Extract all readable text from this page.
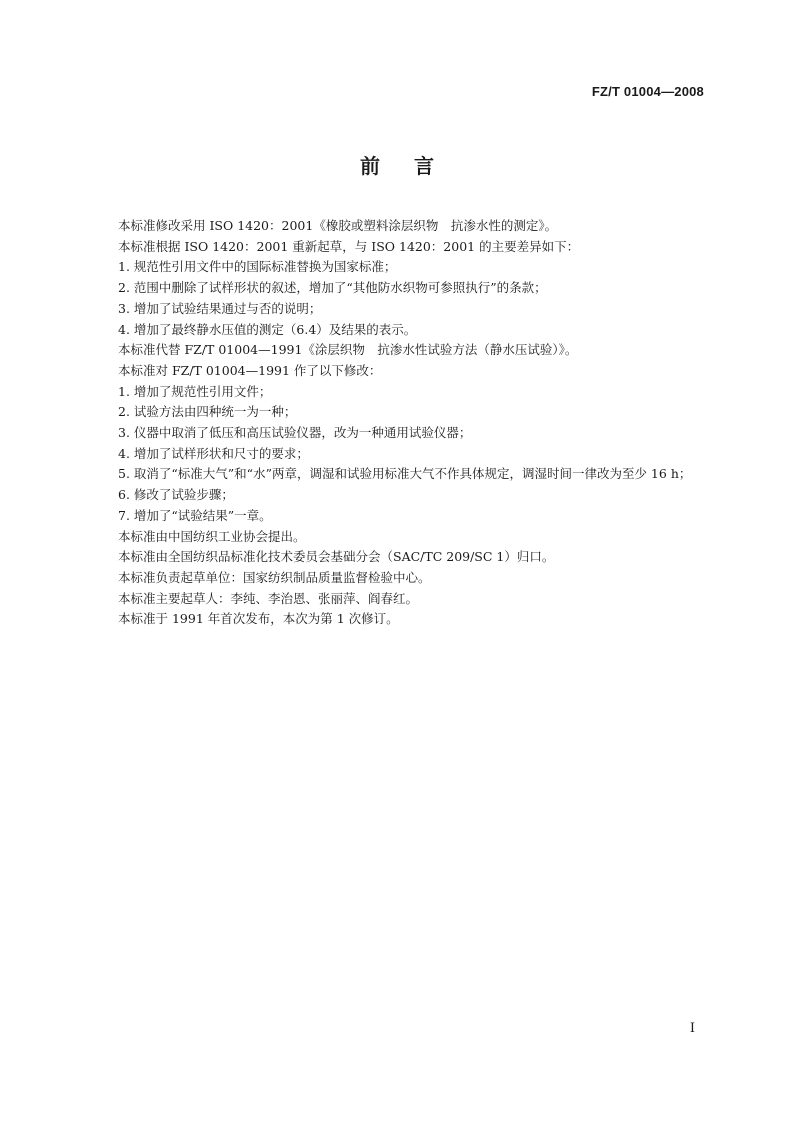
FZ/T 01004—2008
前言

本标准修改采用 ISO 1420：2001《橡胶或塑料涂层织物　抗渗水性的测定》。

本标准根据 ISO 1420：2001 重新起草，与 ISO 1420：2001 的主要差异如下：

1. 规范性引用文件中的国际标准替换为国家标准；

2. 范围中删除了试样形状的叙述，增加了“其他防水织物可参照执行”的条款；

3. 增加了试验结果通过与否的说明；

4. 增加了最终静水压值的测定（6.4）及结果的表示。

本标准代替 FZ/T 01004—1991《涂层织物　抗渗水性试验方法（静水压试验）》。

本标准对 FZ/T 01004—1991 作了以下修改：

1. 增加了规范性引用文件；

2. 试验方法由四种统一为一种；

3. 仪器中取消了低压和高压试验仪器，改为一种通用试验仪器；

4. 增加了试样形状和尺寸的要求；

5. 取消了“标准大气”和“水”两章，调湿和试验用标准大气不作具体规定，调湿时间一律改为至少 16 h；

6. 修改了试验步骤；

7. 增加了“试验结果”一章。

本标准由中国纺织工业协会提出。

本标准由全国纺织品标准化技术委员会基础分会（SAC/TC 209/SC 1）归口。

本标准负责起草单位：国家纺织制品质量监督检验中心。

本标准主要起草人：李纯、李治恩、张丽萍、阎春红。

本标准于 1991 年首次发布，本次为第 1 次修订。

I
